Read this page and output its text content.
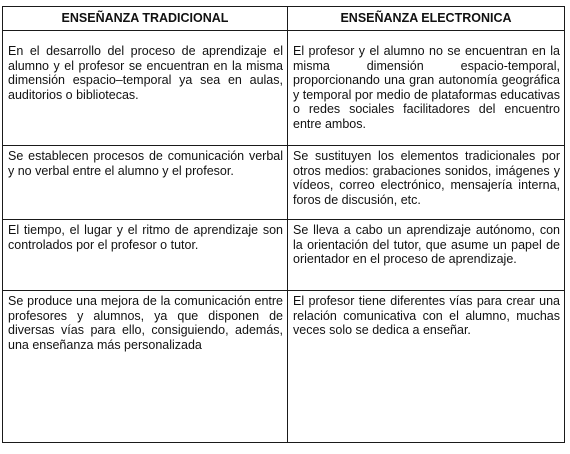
ENSEÑANZA TRADICIONAL	ENSEÑANZA ELECTRONICA
En el desarrollo del proceso de aprendizaje el alumno y el profesor se encuentran en la misma dimensión espacio–temporal ya sea en aulas, auditorios o bibliotecas.	El profesor y el alumno no se encuentran en la misma dimensión espacio-temporal, proporcionando una gran autonomía geográfica y temporal por medio de plataformas educativas o redes sociales facilitadores del encuentro entre ambos.
Se establecen procesos de comunicación verbal y no verbal entre el alumno y el profesor.	Se sustituyen los elementos tradicionales por otros medios: grabaciones sonidos, imágenes y vídeos, correo electrónico, mensajería interna, foros de discusión, etc.
El tiempo, el lugar y el ritmo de aprendizaje son controlados por el profesor o tutor.	Se lleva a cabo un aprendizaje autónomo, con la orientación del tutor, que asume un papel de orientador en el proceso de aprendizaje.
Se produce una mejora de la comunicación entre profesores y alumnos, ya que disponen de diversas vías para ello, consiguiendo, además, una enseñanza más personalizada	El profesor tiene diferentes vías para crear una relación comunicativa con el alumno, muchas veces solo se dedica a enseñar.
